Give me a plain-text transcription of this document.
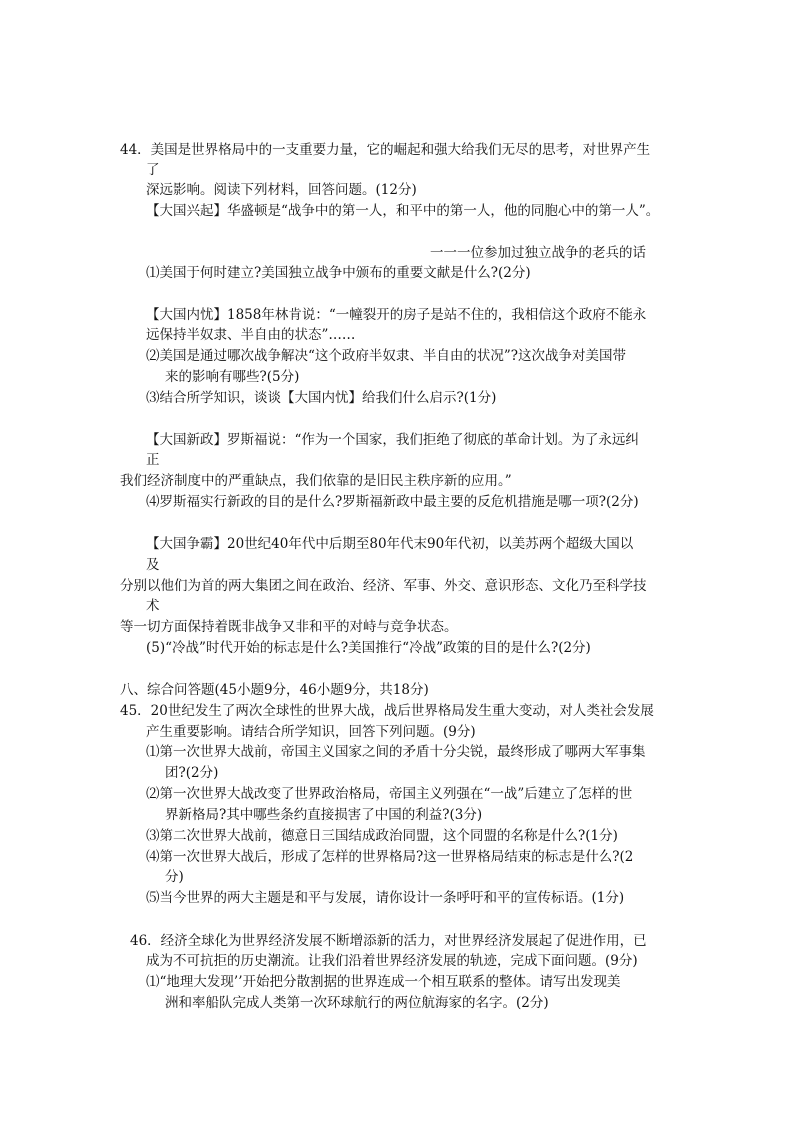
44．美国是世界格局中的一支重要力量，它的崛起和强大给我们无尽的思考，对世界产生
了
深远影响。阅读下列材料，回答问题。(12分)
【大国兴起】华盛顿是“战争中的第一人，和平中的第一人，他的同胞心中的第一人”。
一一一位参加过独立战争的老兵的话
⑴美国于何时建立?美国独立战争中颁布的重要文献是什么?(2分)
【大国内忧】1858年林肯说：“一幢裂开的房子是站不住的，我相信这个政府不能永
远保持半奴隶、半自由的状态”……
⑵美国是通过哪次战争解决“这个政府半奴隶、半自由的状况”?这次战争对美国带
来的影响有哪些?(5分)
⑶结合所学知识，谈谈【大国内忧】给我们什么启示?(1分)
【大国新政】罗斯福说：“作为一个国家，我们拒绝了彻底的革命计划。为了永远纠
正
我们经济制度中的严重缺点，我们依靠的是旧民主秩序新的应用。”
⑷罗斯福实行新政的目的是什么?罗斯福新政中最主要的反危机措施是哪一项?(2分)
【大国争霸】20世纪40年代中后期至80年代末90年代初，以美苏两个超级大国以
及
分别以他们为首的两大集团之间在政治、经济、军事、外交、意识形态、文化乃至科学技
术
等一切方面保持着既非战争又非和平的对峙与竞争状态。
(5)“冷战”时代开始的标志是什么?美国推行“冷战”政策的目的是什么?(2分)
八、综合问答题(45小题9分，46小题9分，共18分)
45．20世纪发生了两次全球性的世界大战，战后世界格局发生重大变动，对人类社会发展
产生重要影响。请结合所学知识，回答下列问题。(9分)
⑴第一次世界大战前，帝国主义国家之间的矛盾十分尖锐，最终形成了哪两大军事集
团?(2分)
⑵第一次世界大战改变了世界政治格局，帝国主义列强在“一战”后建立了怎样的世
界新格局?其中哪些条约直接损害了中国的利益?(3分)
⑶第二次世界大战前，德意日三国结成政治同盟，这个同盟的名称是什么?(1分)
⑷第一次世界大战后，形成了怎样的世界格局?这一世界格局结束的标志是什么?(2
分)
⑸当今世界的两大主题是和平与发展，请你设计一条呼吁和平的宣传标语。(1分)
46．经济全球化为世界经济发展不断增添新的活力，对世界经济发展起了促进作用，已
成为不可抗拒的历史潮流。让我们沿着世界经济发展的轨迹，完成下面问题。(9分)
⑴“地理大发现’’开始把分散割据的世界连成一个相互联系的整体。请写出发现美
洲和率船队完成人类第一次环球航行的两位航海家的名字。(2分)
